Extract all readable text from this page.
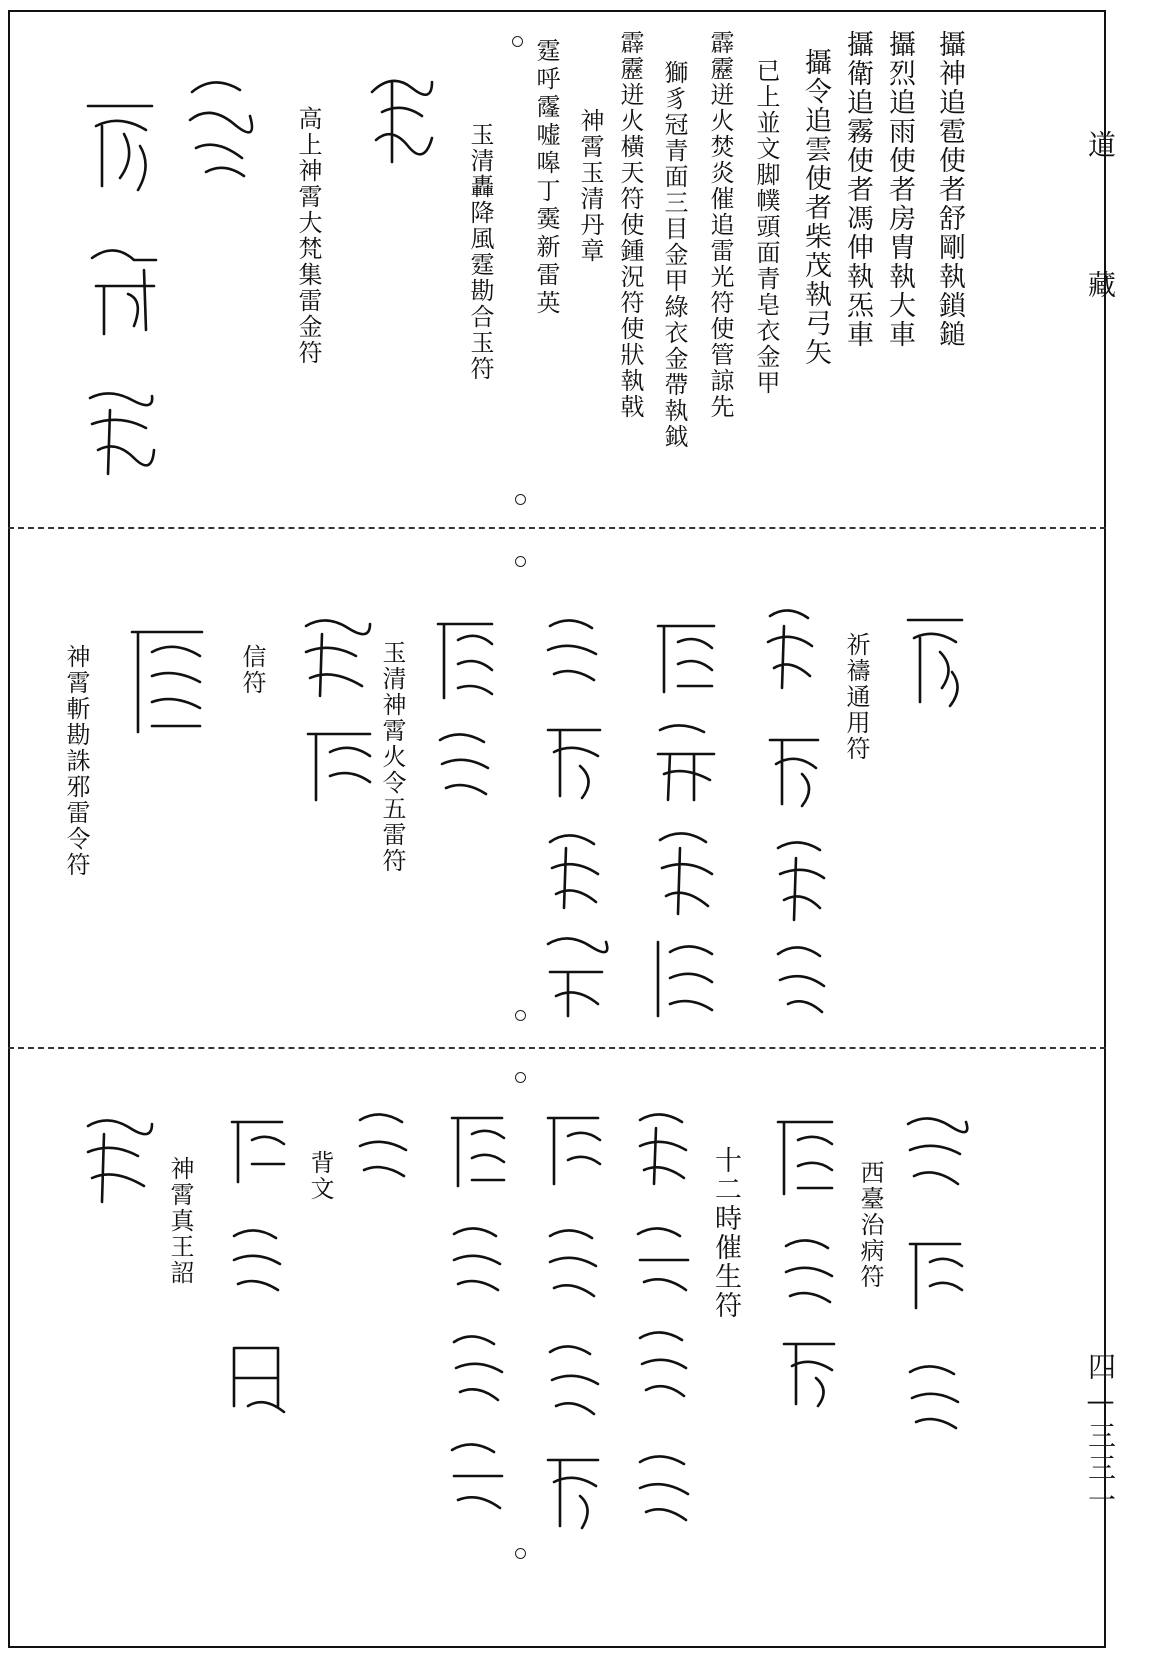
道
藏
四—三三一
攝神追雹使者舒剛執鎖鎚
攝烈追雨使者房胄執大車
攝衛追霧使者馮伸執炁車
攝令追雲使者柴茂執弓矢
已上並文脚幞頭面青皂衣金甲
霹靂迸火焚炎催追雷光符使管諒先
獅豸冠青面三目金甲綠衣金帶執鉞
霹靂迸火橫天符使鍾況符使狀執戟
神霄玉清丹章
霆呼霳嘘嗥丁霙新雷英
玉清轟降風霆勘合玉符
高上神霄大梵集雷金符
祈禱通用符
玉清神霄火令五雷符
信符
神霄斬勘誅邪雷令符
西臺治病符
十二時催生符
背文
神霄真王詔
